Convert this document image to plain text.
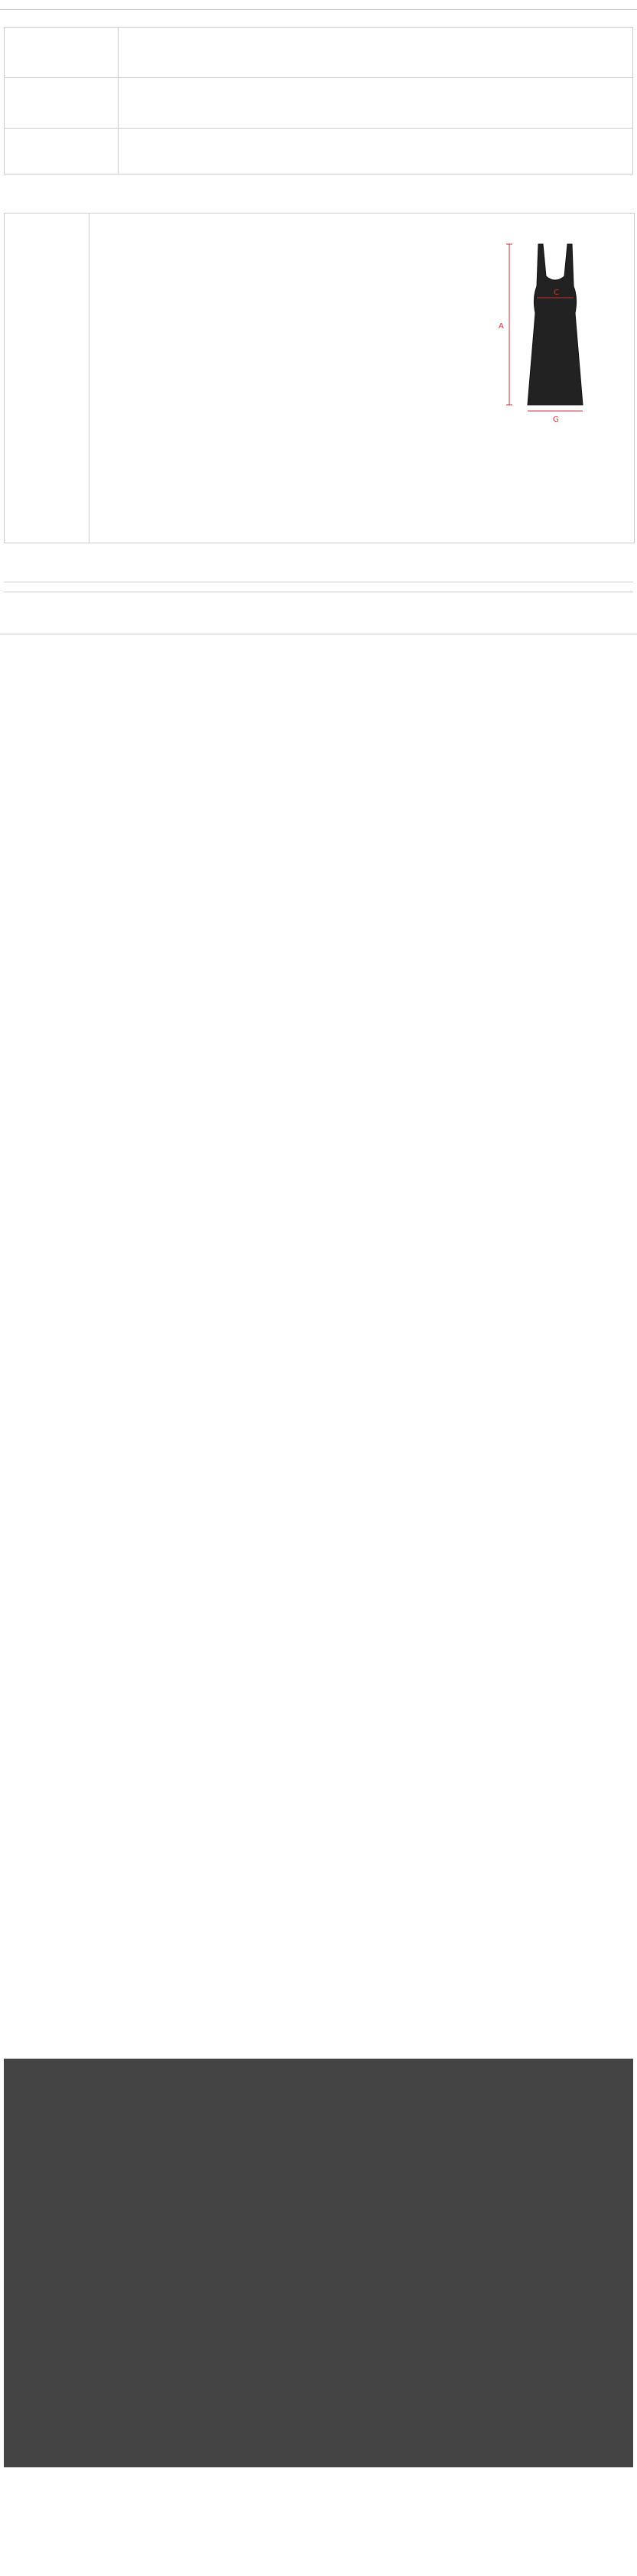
A
C
G
